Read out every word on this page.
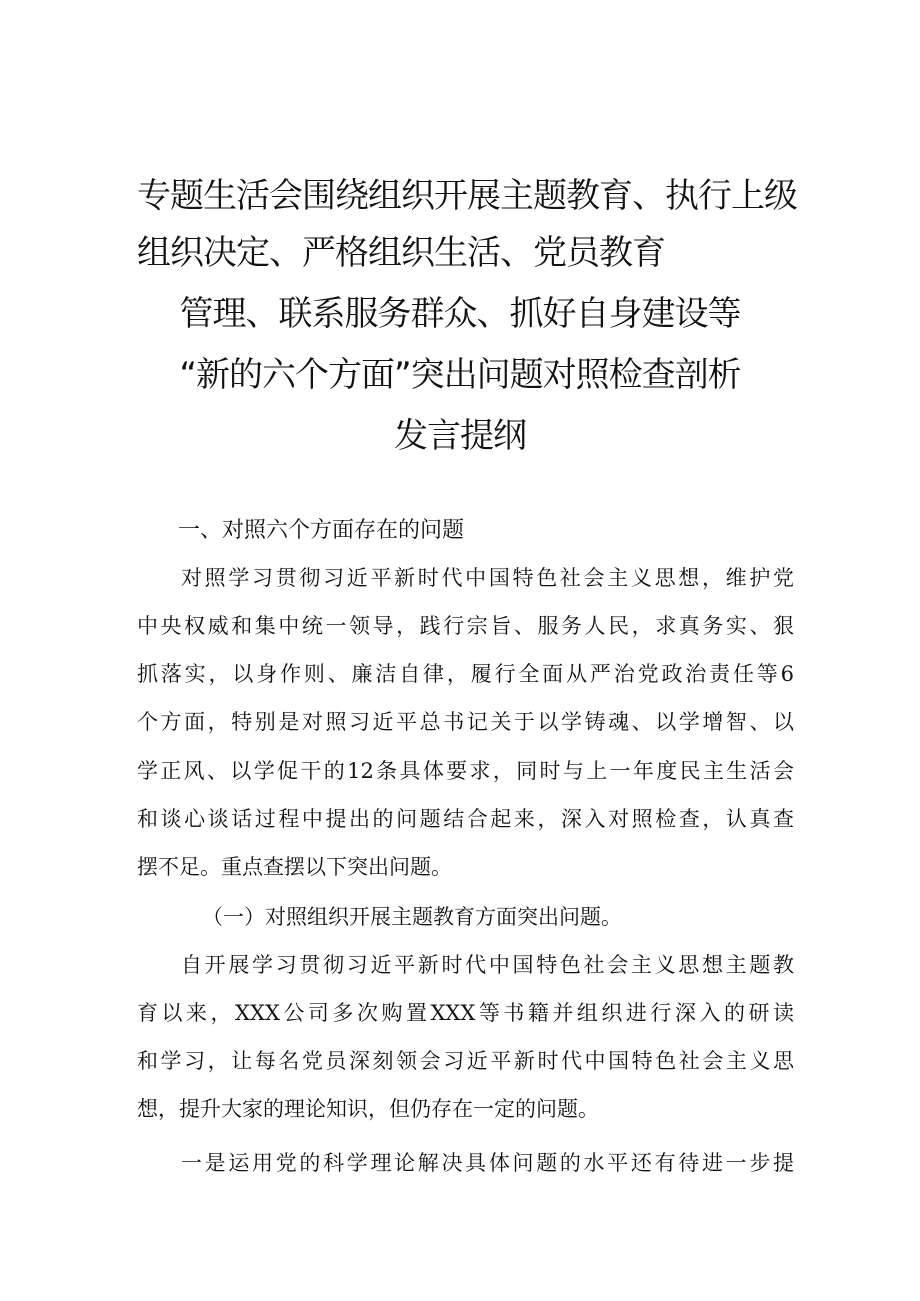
专题生活会围绕组织开展主题教育、执行上级
组织决定、严格组织生活、党员教育
管理、联系服务群众、抓好自身建设等
“新的六个方面”突出问题对照检查剖析
发言提纲
一、对照六个方面存在的问题
对照学习贯彻习近平新时代中国特色社会主义思想，维护党
中央权威和集中统一领导，践行宗旨、服务人民，求真务实、狠
抓落实，以身作则、廉洁自律，履行全面从严治党政治责任等6
个方面，特别是对照习近平总书记关于以学铸魂、以学增智、以
学正风、以学促干的12条具体要求，同时与上一年度民主生活会
和谈心谈话过程中提出的问题结合起来，深入对照检查，认真查
摆不足。重点查摆以下突出问题。
（一）对照组织开展主题教育方面突出问题。
自开展学习贯彻习近平新时代中国特色社会主义思想主题教
育以来，XXX公司多次购置XXX等书籍并组织进行深入的研读
和学习，让每名党员深刻领会习近平新时代中国特色社会主义思
想，提升大家的理论知识，但仍存在一定的问题。
一是运用党的科学理论解决具体问题的水平还有待进一步提
